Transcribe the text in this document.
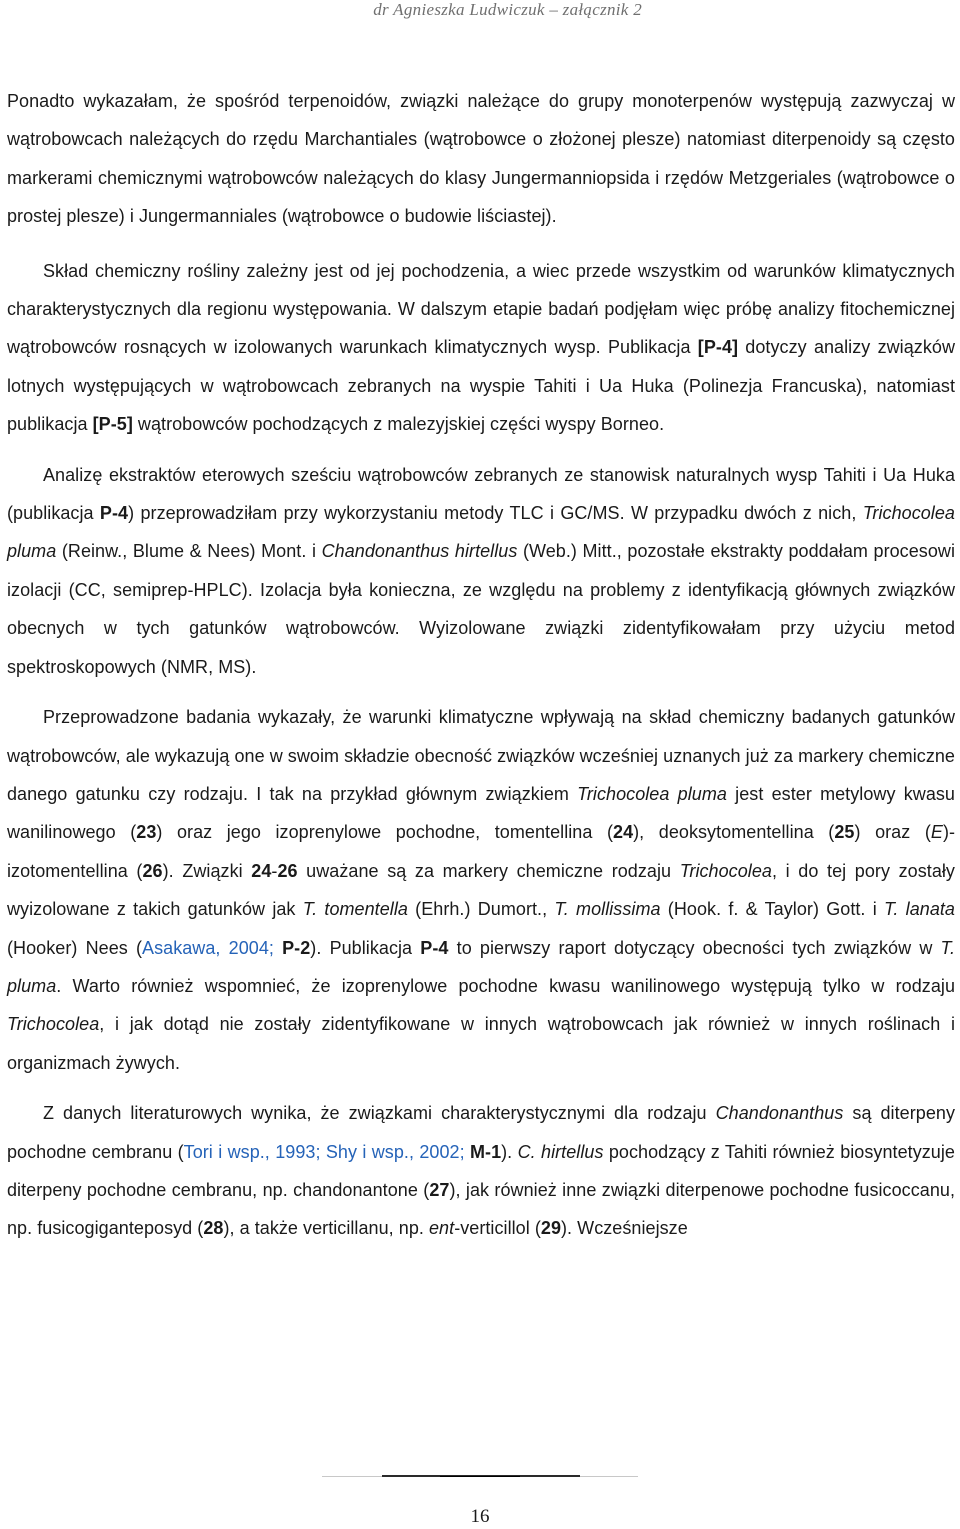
dr Agnieszka Ludwiczuk – załącznik 2

Ponadto wykazałam, że spośród terpenoidów, związki należące do grupy monoterpenów występują zazwyczaj w wątrobowcach należących do rzędu Marchantiales (wątrobowce o złożonej plesze) natomiast diterpenoidy są często markerami chemicznymi wątrobowców należących do klasy Jungermanniopsida i rzędów Metzgeriales (wątrobowce o prostej plesze) i Jungermanniales (wątrobowce o budowie liściastej).

Skład chemiczny rośliny zależny jest od jej pochodzenia, a wiec przede wszystkim od warunków klimatycznych charakterystycznych dla regionu występowania. W dalszym etapie badań podjęłam więc próbę analizy fitochemicznej wątrobowców rosnących w izolowanych warunkach klimatycznych wysp. Publikacja [P-4] dotyczy analizy związków lotnych występujących w wątrobowcach zebranych na wyspie Tahiti i Ua Huka (Polinezja Francuska), natomiast publikacja [P-5] wątrobowców pochodzących z malezyjskiej części wyspy Borneo.

Analizę ekstraktów eterowych sześciu wątrobowców zebranych ze stanowisk naturalnych wysp Tahiti i Ua Huka (publikacja P-4) przeprowadziłam przy wykorzystaniu metody TLC i GC/MS. W przypadku dwóch z nich, Trichocolea pluma (Reinw., Blume & Nees) Mont. i Chandonanthus hirtellus (Web.) Mitt., pozostałe ekstrakty poddałam procesowi izolacji (CC, semiprep-HPLC). Izolacja była konieczna, ze względu na problemy z identyfikacją głównych związków obecnych w tych gatunków wątrobowców. Wyizolowane związki zidentyfikowałam przy użyciu metod spektroskopowych (NMR, MS).

Przeprowadzone badania wykazały, że warunki klimatyczne wpływają na skład chemiczny badanych gatunków wątrobowców, ale wykazują one w swoim składzie obecność związków wcześniej uznanych już za markery chemiczne danego gatunku czy rodzaju. I tak na przykład głównym związkiem Trichocolea pluma jest ester metylowy kwasu wanilinowego (23) oraz jego izoprenylowe pochodne, tomentellina (24), deoksytomentellina (25) oraz (E)-izotomentellina (26). Związki 24-26 uważane są za markery chemiczne rodzaju Trichocolea, i do tej pory zostały wyizolowane z takich gatunków jak T. tomentella (Ehrh.) Dumort., T. mollissima (Hook. f. & Taylor) Gott. i T. lanata (Hooker) Nees (Asakawa, 2004; P-2). Publikacja P-4 to pierwszy raport dotyczący obecności tych związków w T. pluma. Warto również wspomnieć, że izoprenylowe pochodne kwasu wanilinowego występują tylko w rodzaju Trichocolea, i jak dotąd nie zostały zidentyfikowane w innych wątrobowcach jak również w innych roślinach i organizmach żywych.

Z danych literaturowych wynika, że związkami charakterystycznymi dla rodzaju Chandonanthus są diterpeny pochodne cembranu (Tori i wsp., 1993; Shy i wsp., 2002; M-1). C. hirtellus pochodzący z Tahiti również biosyntetyzuje diterpeny pochodne cembranu, np. chandonantone (27), jak również inne związki diterpenowe pochodne fusicoccanu, np. fusicogiganteposyd (28), a także verticillanu, np. ent-verticillol (29). Wcześniejsze

16
